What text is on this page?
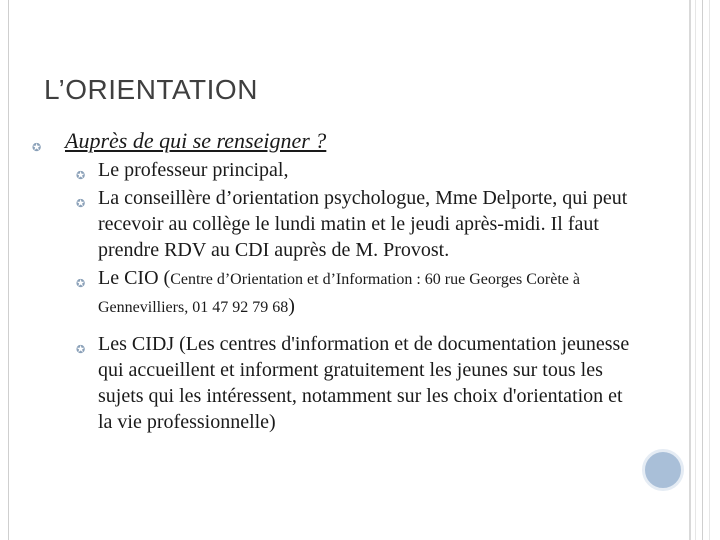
L’ORIENTATION
✪ Auprès de qui se renseigner ?
✪ Le professeur principal,
✪ La conseillère d’orientation psychologue, Mme Delporte, qui peut recevoir au collège le lundi matin et le jeudi après-midi. Il faut prendre RDV au CDI auprès de M. Provost.
✪ Le CIO (Centre d’Orientation et d’Information : 60 rue Georges Corète à Gennevilliers, 01 47 92 79 68)
✪ Les CIDJ (Les centres d'information et de documentation jeunesse qui accueillent et informent gratuitement les jeunes sur tous les sujets qui les intéressent, notamment sur les choix d'orientation et la vie professionnelle)
